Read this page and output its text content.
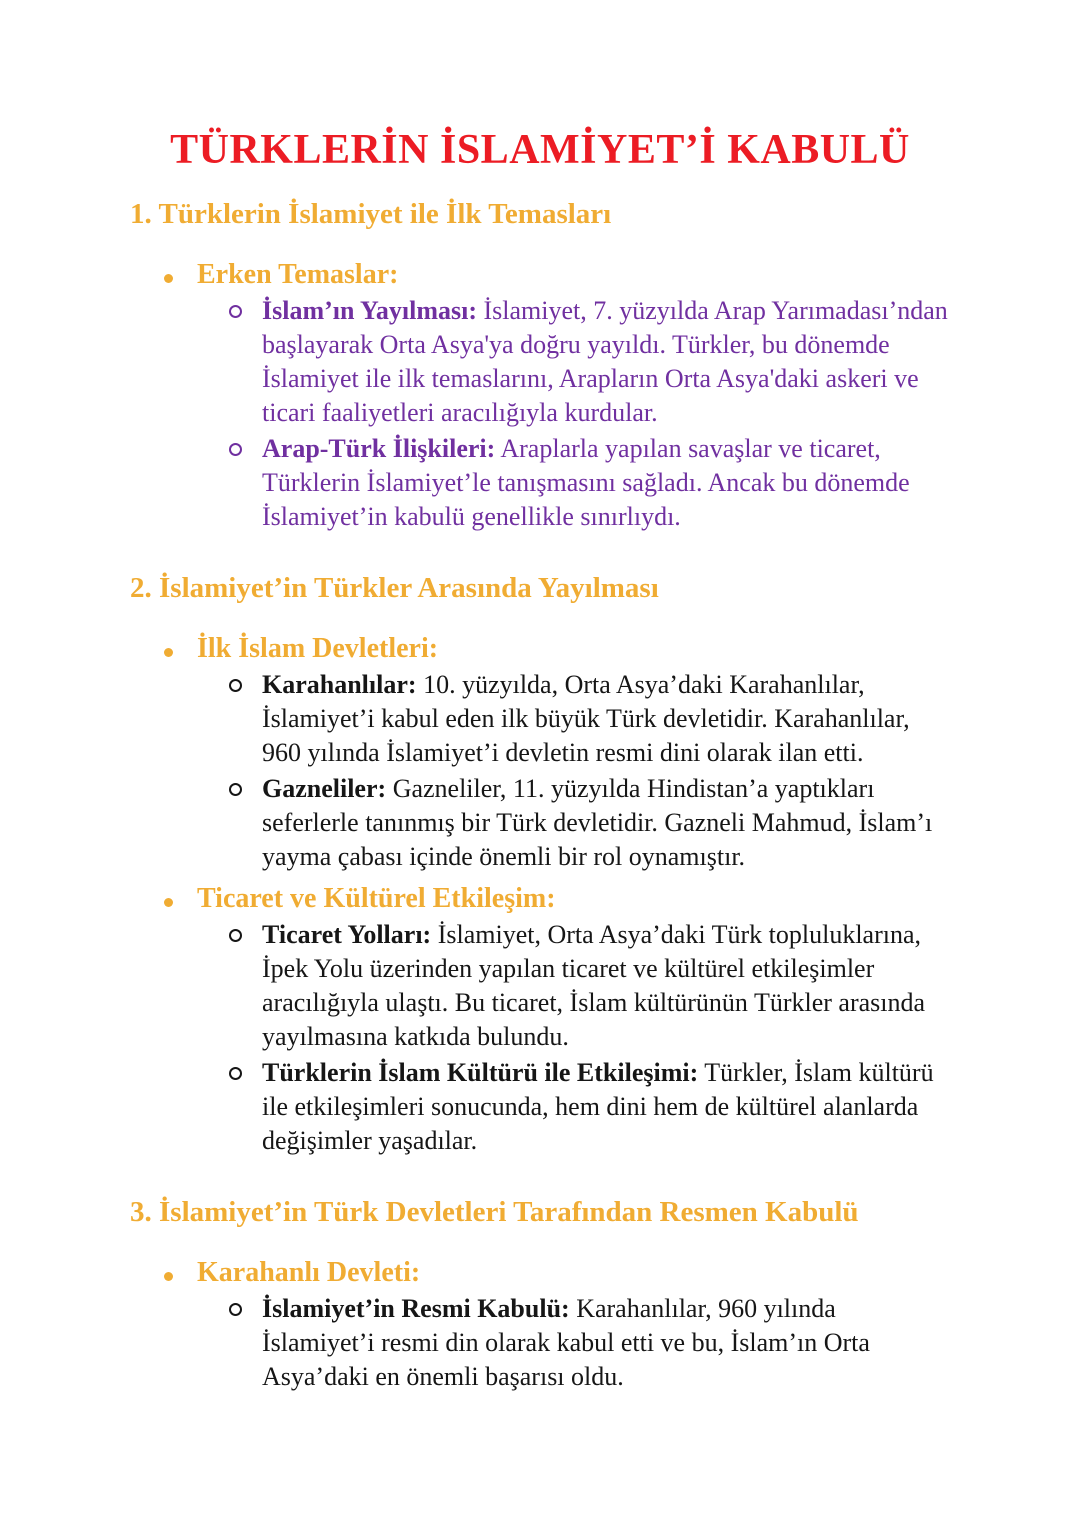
TÜRKLERİN İSLAMİYET’İ KABULÜ
1. Türklerin İslamiyet ile İlk Temasları
Erken Temaslar:

İslam’ın Yayılması: İslamiyet, 7. yüzyılda Arap Yarımadası’ndan başlayarak Orta Asya'ya doğru yayıldı. Türkler, bu dönemde İslamiyet ile ilk temaslarını, Arapların Orta Asya'daki askeri ve ticari faaliyetleri aracılığıyla kurdular.

Arap-Türk İlişkileri: Araplarla yapılan savaşlar ve ticaret, Türklerin İslamiyet’le tanışmasını sağladı. Ancak bu dönemde İslamiyet’in kabulü genellikle sınırlıydı.

2. İslamiyet’in Türkler Arasında Yayılması
İlk İslam Devletleri:

Karahanlılar: 10. yüzyılda, Orta Asya’daki Karahanlılar, İslamiyet’i kabul eden ilk büyük Türk devletidir. Karahanlılar, 960 yılında İslamiyet’i devletin resmi dini olarak ilan etti.

Gazneliler: Gazneliler, 11. yüzyılda Hindistan’a yaptıkları seferlerle tanınmış bir Türk devletidir. Gazneli Mahmud, İslam’ı yayma çabası içinde önemli bir rol oynamıştır.

Ticaret ve Kültürel Etkileşim:

Ticaret Yolları: İslamiyet, Orta Asya’daki Türk topluluklarına, İpek Yolu üzerinden yapılan ticaret ve kültürel etkileşimler aracılığıyla ulaştı. Bu ticaret, İslam kültürünün Türkler arasında yayılmasına katkıda bulundu.

Türklerin İslam Kültürü ile Etkileşimi: Türkler, İslam kültürü ile etkileşimleri sonucunda, hem dini hem de kültürel alanlarda değişimler yaşadılar.

3. İslamiyet’in Türk Devletleri Tarafından Resmen Kabulü
Karahanlı Devleti:

İslamiyet’in Resmi Kabulü: Karahanlılar, 960 yılında İslamiyet’i resmi din olarak kabul etti ve bu, İslam’ın Orta Asya’daki en önemli başarısı oldu.
